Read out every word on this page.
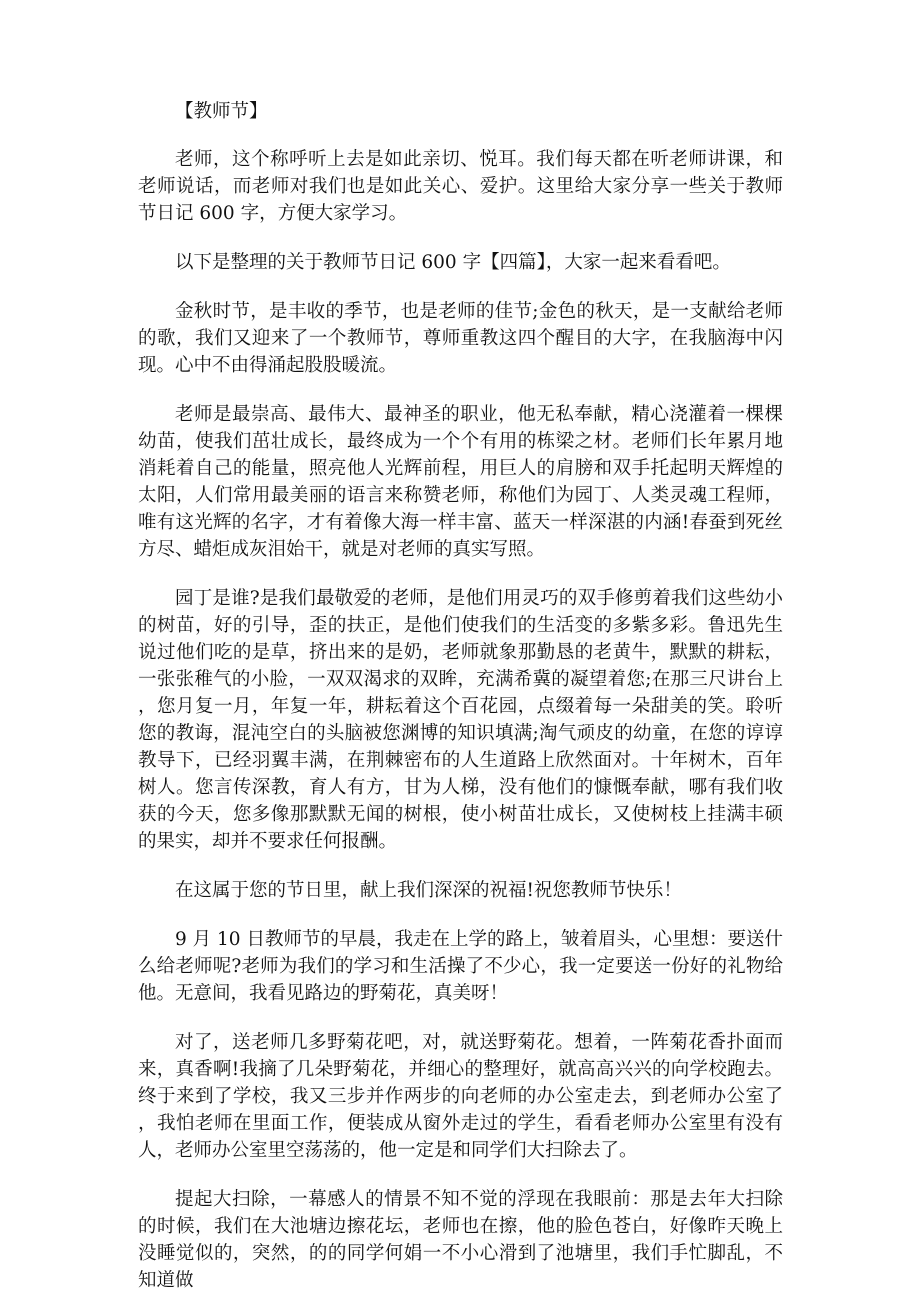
【教师节】

老师，这个称呼听上去是如此亲切、悦耳。我们每天都在听老师讲课，和老师说话，而老师对我们也是如此关心、爱护。这里给大家分享一些关于教师节日记 600 字，方便大家学习。

以下是整理的关于教师节日记 600 字【四篇】，大家一起来看看吧。

金秋时节，是丰收的季节，也是老师的佳节;金色的秋天，是一支献给老师的歌，我们又迎来了一个教师节，尊师重教这四个醒目的大字，在我脑海中闪现。心中不由得涌起股股暖流。

老师是最崇高、最伟大、最神圣的职业，他无私奉献，精心浇灌着一棵棵幼苗，使我们茁壮成长，最终成为一个个有用的栋梁之材。老师们长年累月地消耗着自己的能量，照亮他人光辉前程，用巨人的肩膀和双手托起明天辉煌的太阳，人们常用最美丽的语言来称赞老师，称他们为园丁、人类灵魂工程师，唯有这光辉的名字，才有着像大海一样丰富、蓝天一样深湛的内涵!春蚕到死丝方尽、蜡炬成灰泪始干，就是对老师的真实写照。

园丁是谁?是我们最敬爱的老师，是他们用灵巧的双手修剪着我们这些幼小的树苗，好的引导，歪的扶正，是他们使我们的生活变的多紫多彩。鲁迅先生说过他们吃的是草，挤出来的是奶，老师就象那勤恳的老黄牛，默默的耕耘，一张张稚气的小脸，一双双渴求的双眸，充满希冀的凝望着您;在那三尺讲台上，您月复一月，年复一年，耕耘着这个百花园，点缀着每一朵甜美的笑。聆听您的教诲，混沌空白的头脑被您渊博的知识填满;淘气顽皮的幼童，在您的谆谆教导下，已经羽翼丰满，在荆棘密布的人生道路上欣然面对。十年树木，百年树人。您言传深教，育人有方，甘为人梯，没有他们的慷慨奉献，哪有我们收获的今天，您多像那默默无闻的树根，使小树苗壮成长，又使树枝上挂满丰硕的果实，却并不要求任何报酬。

在这属于您的节日里，献上我们深深的祝福!祝您教师节快乐！

9 月 10 日教师节的早晨，我走在上学的路上，皱着眉头，心里想：要送什么给老师呢?老师为我们的学习和生活操了不少心，我一定要送一份好的礼物给他。无意间，我看见路边的野菊花，真美呀！

对了，送老师几多野菊花吧，对，就送野菊花。想着，一阵菊花香扑面而来，真香啊!我摘了几朵野菊花，并细心的整理好，就高高兴兴的向学校跑去。终于来到了学校，我又三步并作两步的向老师的办公室走去，到老师办公室了，我怕老师在里面工作，便装成从窗外走过的学生，看看老师办公室里有没有人，老师办公室里空荡荡的，他一定是和同学们大扫除去了。

提起大扫除，一幕感人的情景不知不觉的浮现在我眼前：那是去年大扫除的时候，我们在大池塘边擦花坛，老师也在擦，他的脸色苍白，好像昨天晚上没睡觉似的，突然，的的同学何娟一不小心滑到了池塘里，我们手忙脚乱，不知道做
